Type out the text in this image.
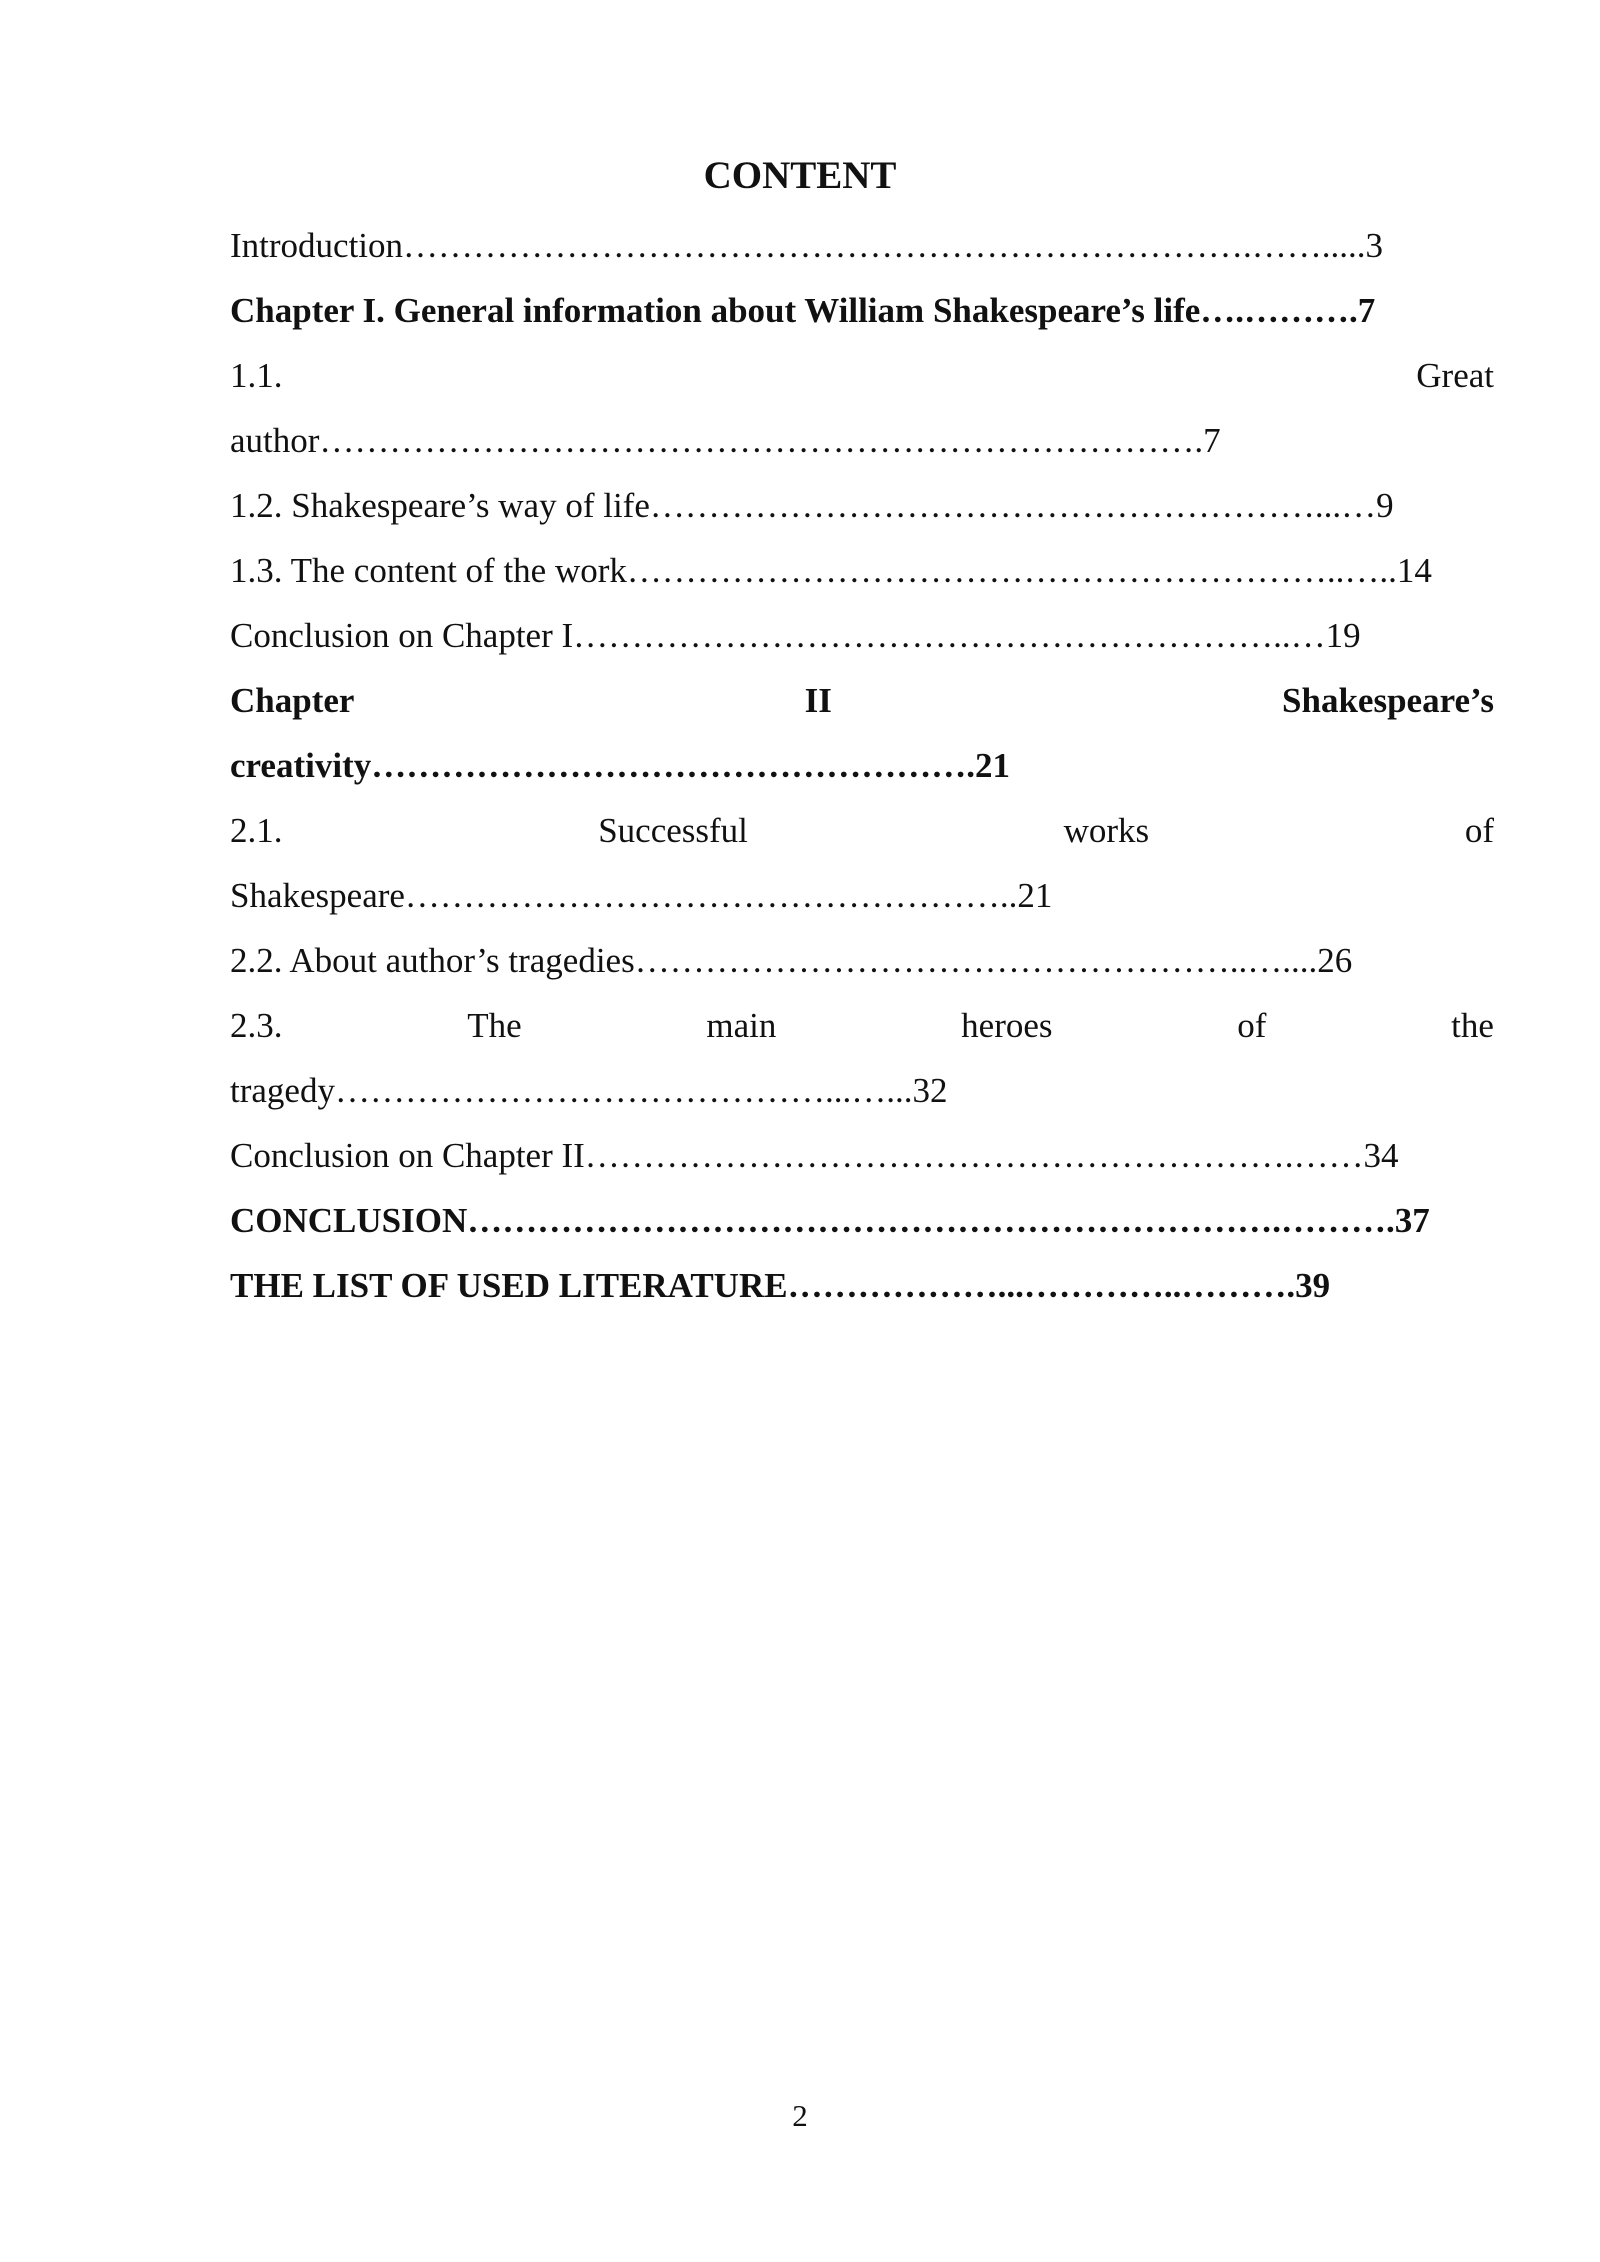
CONTENT
Introduction……………………………………………………………….…….....3
Chapter I. General information about William Shakespeare’s life….……….7
1.1.	Great
author………………………………………………………………….7
1.2. Shakespeare’s way of life…………………………………………………...…9
1.3. The content of the work……………………………………………………..…..14
Conclusion on Chapter I……………………………………………………..…19
Chapter	II	Shakespeare’s
creativity…………………………………………….21
2.1.	Successful	works	of
Shakespeare……………………………………………..21
2.2. About author’s tragedies……………………………………………..…....26
2.3.	The	main	heroes	of	the
tragedy……………………………………...…...32
Conclusion on Chapter II…………………………………………………….……34
CONCLUSION…………………………………………………………….……….37
THE LIST OF USED LITERATURE………………...…………..……….39
2
